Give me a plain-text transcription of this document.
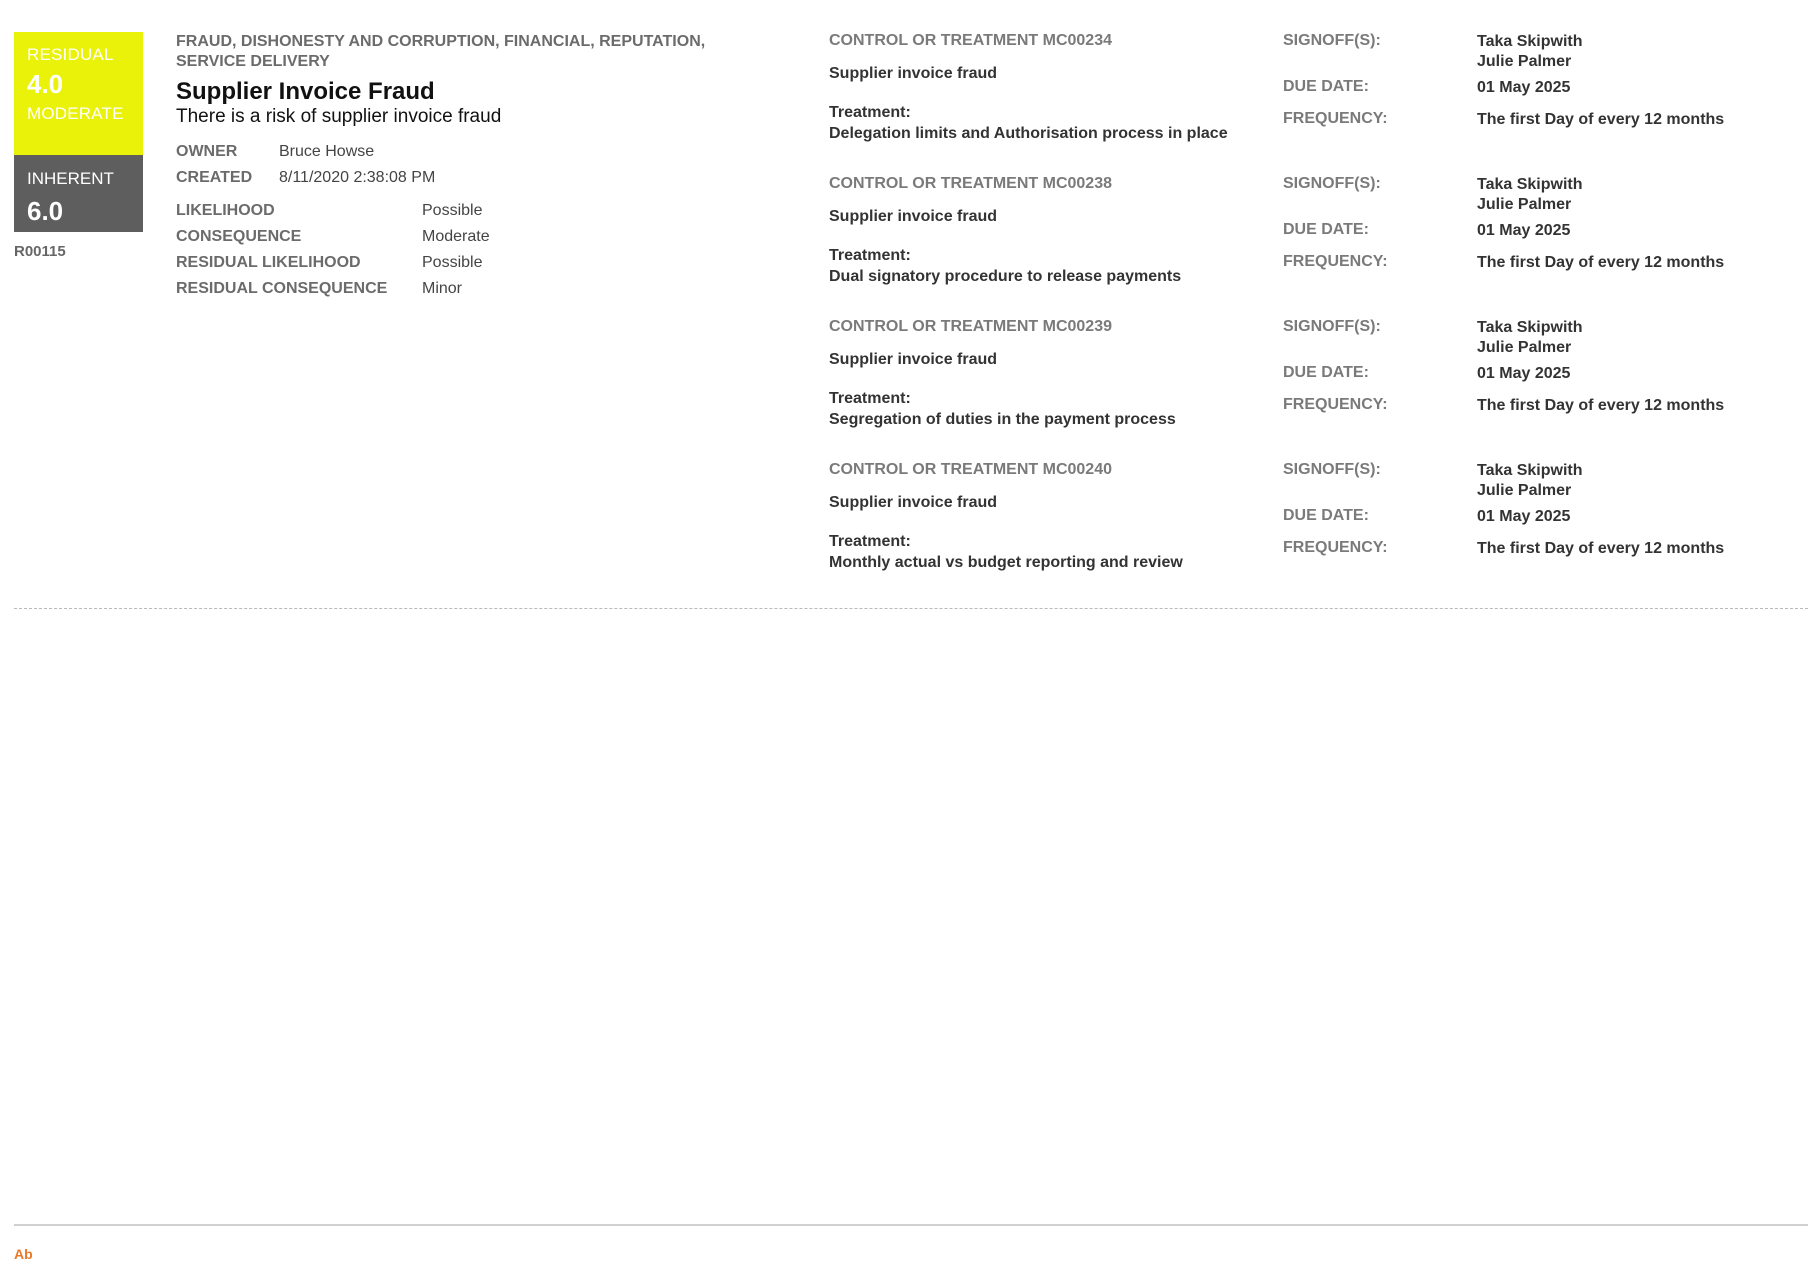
RESIDUAL
4.0
MODERATE
INHERENT
6.0
R00115
FRAUD, DISHONESTY AND CORRUPTION, FINANCIAL, REPUTATION, SERVICE DELIVERY
Supplier Invoice Fraud
There is a risk of supplier invoice fraud
OWNER	Bruce Howse
CREATED 8/11/2020 2:38:08 PM
LIKELIHOOD	Possible
CONSEQUENCE	Moderate
RESIDUAL LIKELIHOOD	Possible
RESIDUAL CONSEQUENCE Minor
CONTROL OR TREATMENT MC00234
Supplier invoice fraud
Treatment:
Delegation limits and Authorisation process in place
SIGNOFF(S):	Taka Skipwith
Julie Palmer
DUE DATE:	01 May 2025
FREQUENCY:	The first Day of every 12 months
CONTROL OR TREATMENT MC00238
Supplier invoice fraud
Treatment:
Dual signatory procedure to release payments
SIGNOFF(S):	Taka Skipwith
Julie Palmer
DUE DATE:	01 May 2025
FREQUENCY:	The first Day of every 12 months
CONTROL OR TREATMENT MC00239
Supplier invoice fraud
Treatment:
Segregation of duties in the payment process
SIGNOFF(S):	Taka Skipwith
Julie Palmer
DUE DATE:	01 May 2025
FREQUENCY:	The first Day of every 12 months
CONTROL OR TREATMENT MC00240
Supplier invoice fraud
Treatment:
Monthly actual vs budget reporting and review
SIGNOFF(S):	Taka Skipwith
Julie Palmer
DUE DATE:	01 May 2025
FREQUENCY:	The first Day of every 12 months
Ab
